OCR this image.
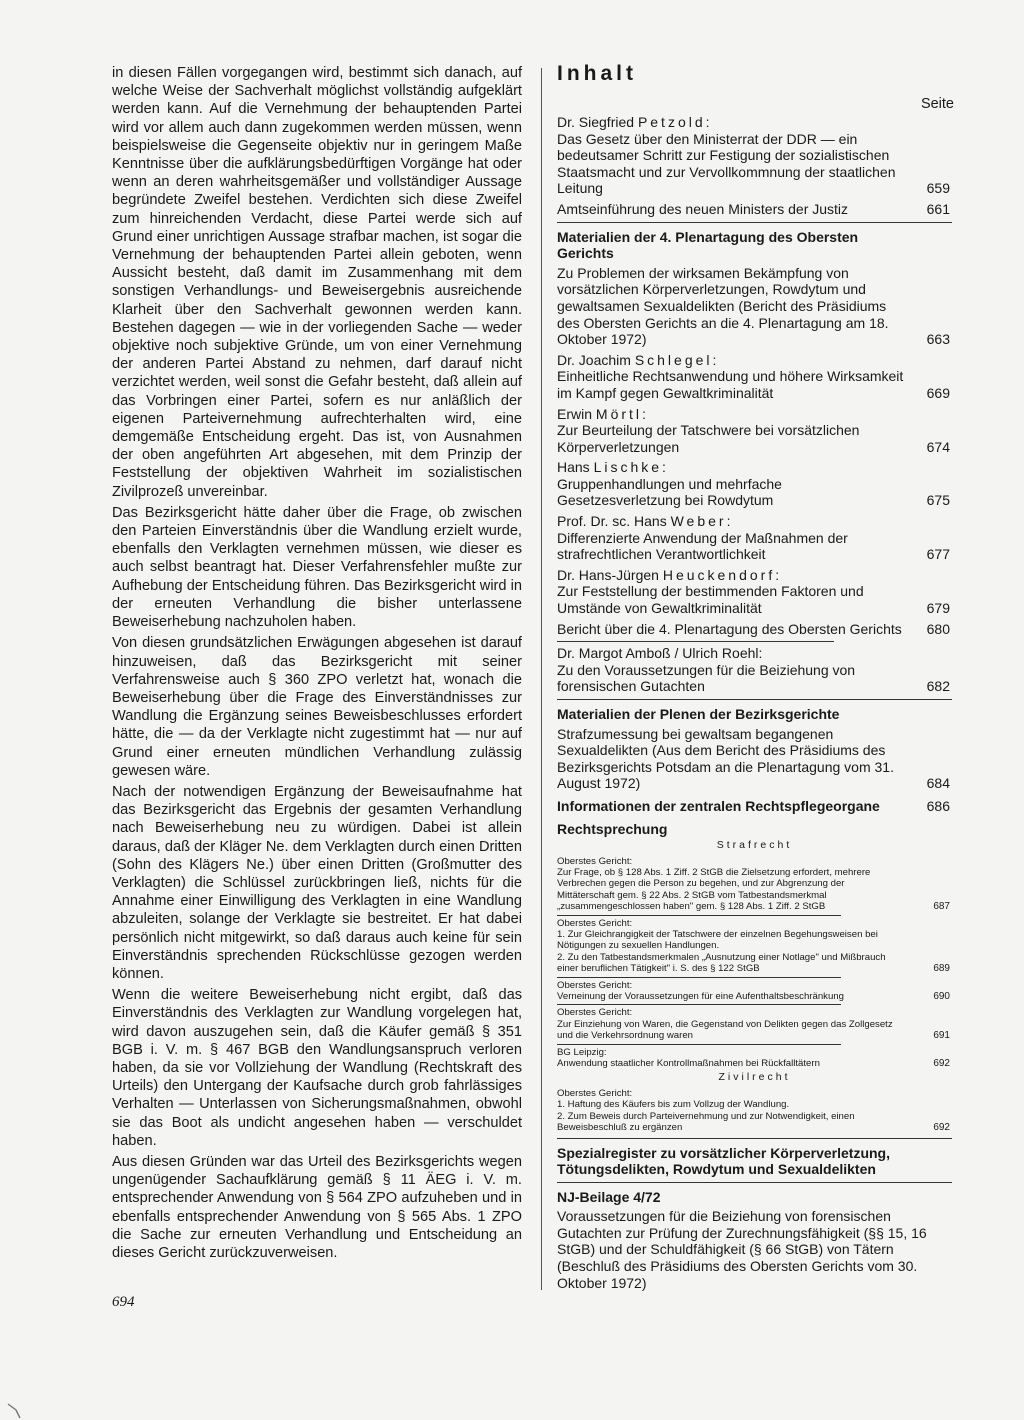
in diesen Fällen vorgegangen wird, bestimmt sich danach, auf welche Weise der Sachverhalt möglichst vollständig aufgeklärt werden kann. Auf die Vernehmung der behauptenden Partei wird vor allem auch dann zugekommen werden müssen, wenn beispielsweise die Gegenseite objektiv nur in geringem Maße Kenntnisse über die aufklärungsbedürftigen Vorgänge hat oder wenn an deren wahrheitsgemäßer und vollständiger Aussage begründete Zweifel bestehen. Verdichten sich diese Zweifel zum hinreichenden Verdacht, diese Partei werde sich auf Grund einer unrichtigen Aussage strafbar machen, ist sogar die Vernehmung der behauptenden Partei allein geboten, wenn Aussicht besteht, daß damit im Zusammenhang mit dem sonstigen Verhandlungs- und Beweisergebnis ausreichende Klarheit über den Sachverhalt gewonnen werden kann. Bestehen dagegen — wie in der vorliegenden Sache — weder objektive noch subjektive Gründe, um von einer Vernehmung der anderen Partei Abstand zu nehmen, darf darauf nicht verzichtet werden, weil sonst die Gefahr besteht, daß allein auf das Vorbringen einer Partei, sofern es nur anläßlich der eigenen Parteivernehmung aufrechterhalten wird, eine demgemäße Entscheidung ergeht. Das ist, von Ausnahmen der oben angeführten Art abgesehen, mit dem Prinzip der Feststellung der objektiven Wahrheit im sozialistischen Zivilprozeß unvereinbar.

Das Bezirksgericht hätte daher über die Frage, ob zwischen den Parteien Einverständnis über die Wandlung erzielt wurde, ebenfalls den Verklagten vernehmen müssen, wie dieser es auch selbst beantragt hat. Dieser Verfahrensfehler mußte zur Aufhebung der Entscheidung führen. Das Bezirksgericht wird in der erneuten Verhandlung die bisher unterlassene Beweiserhebung nachzuholen haben.

Von diesen grundsätzlichen Erwägungen abgesehen ist darauf hinzuweisen, daß das Bezirksgericht mit seiner Verfahrensweise auch § 360 ZPO verletzt hat, wonach die Beweiserhebung über die Frage des Einverständnisses zur Wandlung die Ergänzung seines Beweisbeschlusses erfordert hätte, die — da der Verklagte nicht zugestimmt hat — nur auf Grund einer erneuten mündlichen Verhandlung zulässig gewesen wäre.

Nach der notwendigen Ergänzung der Beweisaufnahme hat das Bezirksgericht das Ergebnis der gesamten Verhandlung nach Beweiserhebung neu zu würdigen. Dabei ist allein daraus, daß der Kläger Ne. dem Verklagten durch einen Dritten (Sohn des Klägers Ne.) über einen Dritten (Großmutter des Verklagten) die Schlüssel zurückbringen ließ, nichts für die Annahme einer Einwilligung des Verklagten in eine Wandlung abzuleiten, solange der Verklagte sie bestreitet. Er hat dabei persönlich nicht mitgewirkt, so daß daraus auch keine für sein Einverständnis sprechenden Rückschlüsse gezogen werden können.

Wenn die weitere Beweiserhebung nicht ergibt, daß das Einverständnis des Verklagten zur Wandlung vorgelegen hat, wird davon auszugehen sein, daß die Käufer gemäß § 351 BGB i. V. m. § 467 BGB den Wandlungsanspruch verloren haben, da sie vor Vollziehung der Wandlung (Rechtskraft des Urteils) den Untergang der Kaufsache durch grob fahrlässiges Verhalten — Unterlassen von Sicherungsmaßnahmen, obwohl sie das Boot als undicht angesehen haben — verschuldet haben.

Aus diesen Gründen war das Urteil des Bezirksgerichts wegen ungenügender Sachaufklärung gemäß § 11 ÄEG i. V. m. entsprechender Anwendung von § 564 ZPO aufzuheben und in ebenfalls entsprechender Anwendung von § 565 Abs. 1 ZPO die Sache zur erneuten Verhandlung und Entscheidung an dieses Gericht zurückzuverweisen.

694
Inhalt
Seite
Dr. Siegfried Petzold:
Das Gesetz über den Ministerrat der DDR — ein bedeutsamer Schritt zur Festigung der sozialistischen Staatsmacht und zur Vervollkommnung der staatlichen Leitung	659
Amtseinführung des neuen Ministers der Justiz	661
Materialien der 4. Plenartagung des Obersten Gerichts
Zu Problemen der wirksamen Bekämpfung von vorsätzlichen Körperverletzungen, Rowdytum und gewaltsamen Sexualdelikten (Bericht des Präsidiums des Obersten Gerichts an die 4. Plenartagung am 18. Oktober 1972)	663
Dr. Joachim Schlegel:
Einheitliche Rechtsanwendung und höhere Wirksamkeit im Kampf gegen Gewaltkriminalität	669
Erwin Mörtl:
Zur Beurteilung der Tatschwere bei vorsätzlichen Körperverletzungen	674
Hans Lischke:
Gruppenhandlungen und mehrfache Gesetzesverletzung bei Rowdytum	675
Prof. Dr. sc. Hans Weber:
Differenzierte Anwendung der Maßnahmen der strafrechtlichen Verantwortlichkeit	677
Dr. Hans-Jürgen Heuckendorf:
Zur Feststellung der bestimmenden Faktoren und Umstände von Gewaltkriminalität	679
Bericht über die 4. Plenartagung des Obersten Gerichts	680
Dr. Margot Amboß / Ulrich Roehl:
Zu den Voraussetzungen für die Beiziehung von forensischen Gutachten	682
Materialien der Plenen der Bezirksgerichte
Strafzumessung bei gewaltsam begangenen Sexualdelikten (Aus dem Bericht des Präsidiums des Bezirksgerichts Potsdam an die Plenartagung vom 31. August 1972)	684
Informationen der zentralen Rechtspflegeorgane	686
Rechtsprechung
Strafrecht
Oberstes Gericht:
Zur Frage, ob § 128 Abs. 1 Ziff. 2 StGB die Zielsetzung erfordert, mehrere Verbrechen gegen die Person zu begehen, und zur Abgrenzung der Mittäterschaft gem. § 22 Abs. 2 StGB vom Tatbestandsmerkmal „zusammengeschlossen haben" gem. § 128 Abs. 1 Ziff. 2 StGB	687
Oberstes Gericht:
1. Zur Gleichrangigkeit der Tatschwere der einzelnen Begehungsweisen bei Nötigungen zu sexuellen Handlungen.
2. Zu den Tatbestandsmerkmalen „Ausnutzung einer Notlage" und Mißbrauch einer beruflichen Tätigkeit" i. S. des § 122 StGB	689
Oberstes Gericht:
Verneinung der Voraussetzungen für eine Aufenthaltsbeschränkung	690
Oberstes Gericht:
Zur Einziehung von Waren, die Gegenstand von Delikten gegen das Zollgesetz und die Verkehrsordnung waren	691
BG Leipzig:
Anwendung staatlicher Kontrollmaßnahmen bei Rückfalltätern	692
Zivilrecht
Oberstes Gericht:
1. Haftung des Käufers bis zum Vollzug der Wandlung.
2. Zum Beweis durch Parteivernehmung und zur Notwendigkeit, einen Beweisbeschluß zu ergänzen	692
Spezialregister zu vorsätzlicher Körperverletzung, Tötungsdelikten, Rowdytum und Sexualdelikten
NJ-Beilage 4/72
Voraussetzungen für die Beiziehung von forensischen Gutachten zur Prüfung der Zurechnungsfähigkeit (§§ 15, 16 StGB) und der Schuldfähigkeit (§ 66 StGB) von Tätern (Beschluß des Präsidiums des Obersten Gerichts vom 30. Oktober 1972)
